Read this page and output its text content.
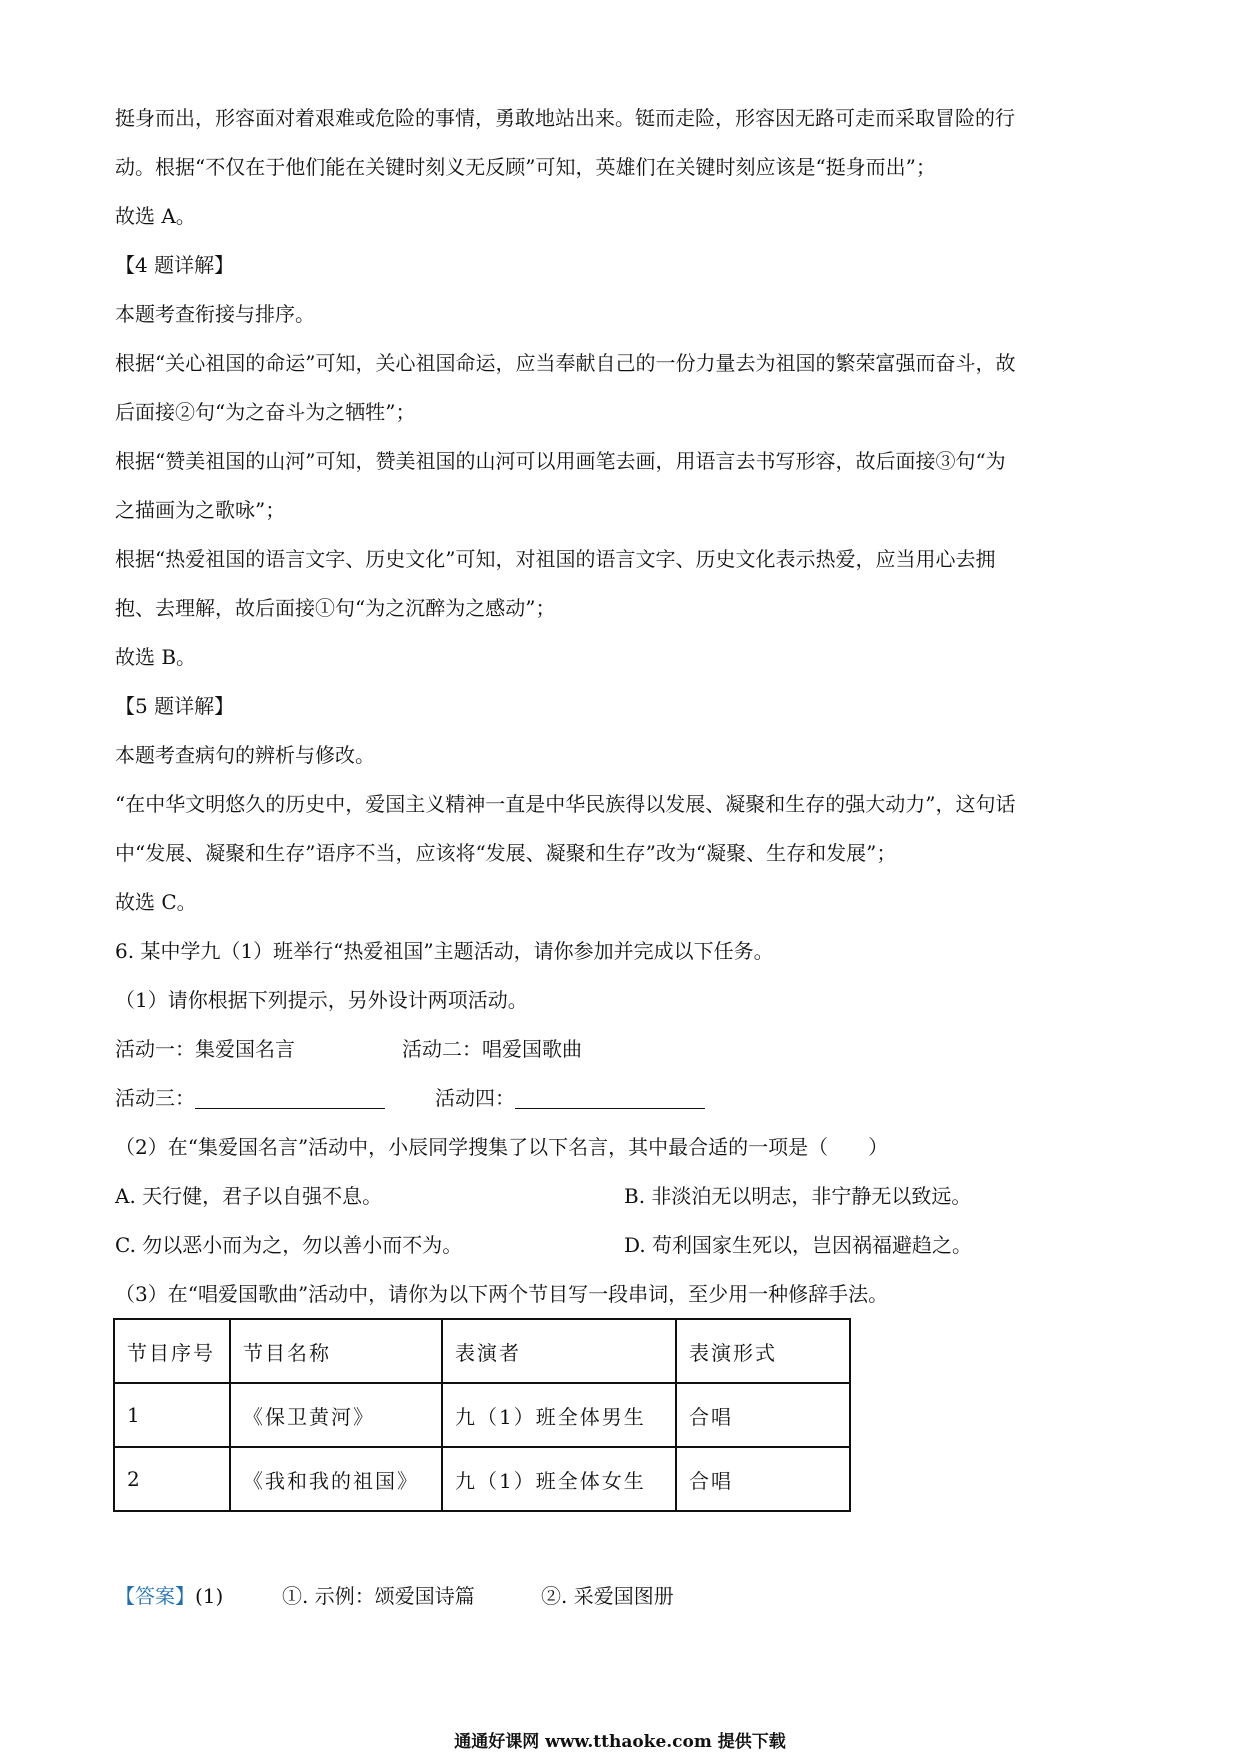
挺身而出，形容面对着艰难或危险的事情，勇敢地站出来。铤而走险，形容因无路可走而采取冒险的行
动。根据“不仅在于他们能在关键时刻义无反顾”可知，英雄们在关键时刻应该是“挺身而出”；
故选 A。
【4 题详解】
本题考查衔接与排序。
根据“关心祖国的命运”可知，关心祖国命运，应当奉献自己的一份力量去为祖国的繁荣富强而奋斗，故
后面接②句“为之奋斗为之牺牲”；
根据“赞美祖国的山河”可知，赞美祖国的山河可以用画笔去画，用语言去书写形容，故后面接③句“为
之描画为之歌咏”；
根据“热爱祖国的语言文字、历史文化”可知，对祖国的语言文字、历史文化表示热爱，应当用心去拥
抱、去理解，故后面接①句“为之沉醉为之感动”；
故选 B。
【5 题详解】
本题考查病句的辨析与修改。
“在中华文明悠久的历史中，爱国主义精神一直是中华民族得以发展、凝聚和生存的强大动力”，这句话
中“发展、凝聚和生存”语序不当，应该将“发展、凝聚和生存”改为“凝聚、生存和发展”；
故选 C。
6. 某中学九（1）班举行“热爱祖国”主题活动，请你参加并完成以下任务。
（1）请你根据下列提示，另外设计两项活动。
活动一：集爱国名言	活动二：唱爱国歌曲
活动三：	活动四：
（2）在“集爱国名言”活动中，小辰同学搜集了以下名言，其中最合适的一项是（　　）
A. 天行健，君子以自强不息。	B. 非淡泊无以明志，非宁静无以致远。
C. 勿以恶小而为之，勿以善小而不为。	D. 苟利国家生死以，岂因祸福避趋之。
（3）在“唱爱国歌曲”活动中，请你为以下两个节目写一段串词，至少用一种修辞手法。
节目序号	节目名称	表演者	表演形式
1	《保卫黄河》	九（1）班全体男生	合唱
2	《我和我的祖国》	九（1）班全体女生	合唱
【答案】(1)	①. 示例：颂爱国诗篇	②. 采爱国图册
通通好课网 www.tthaoke.com 提供下载
